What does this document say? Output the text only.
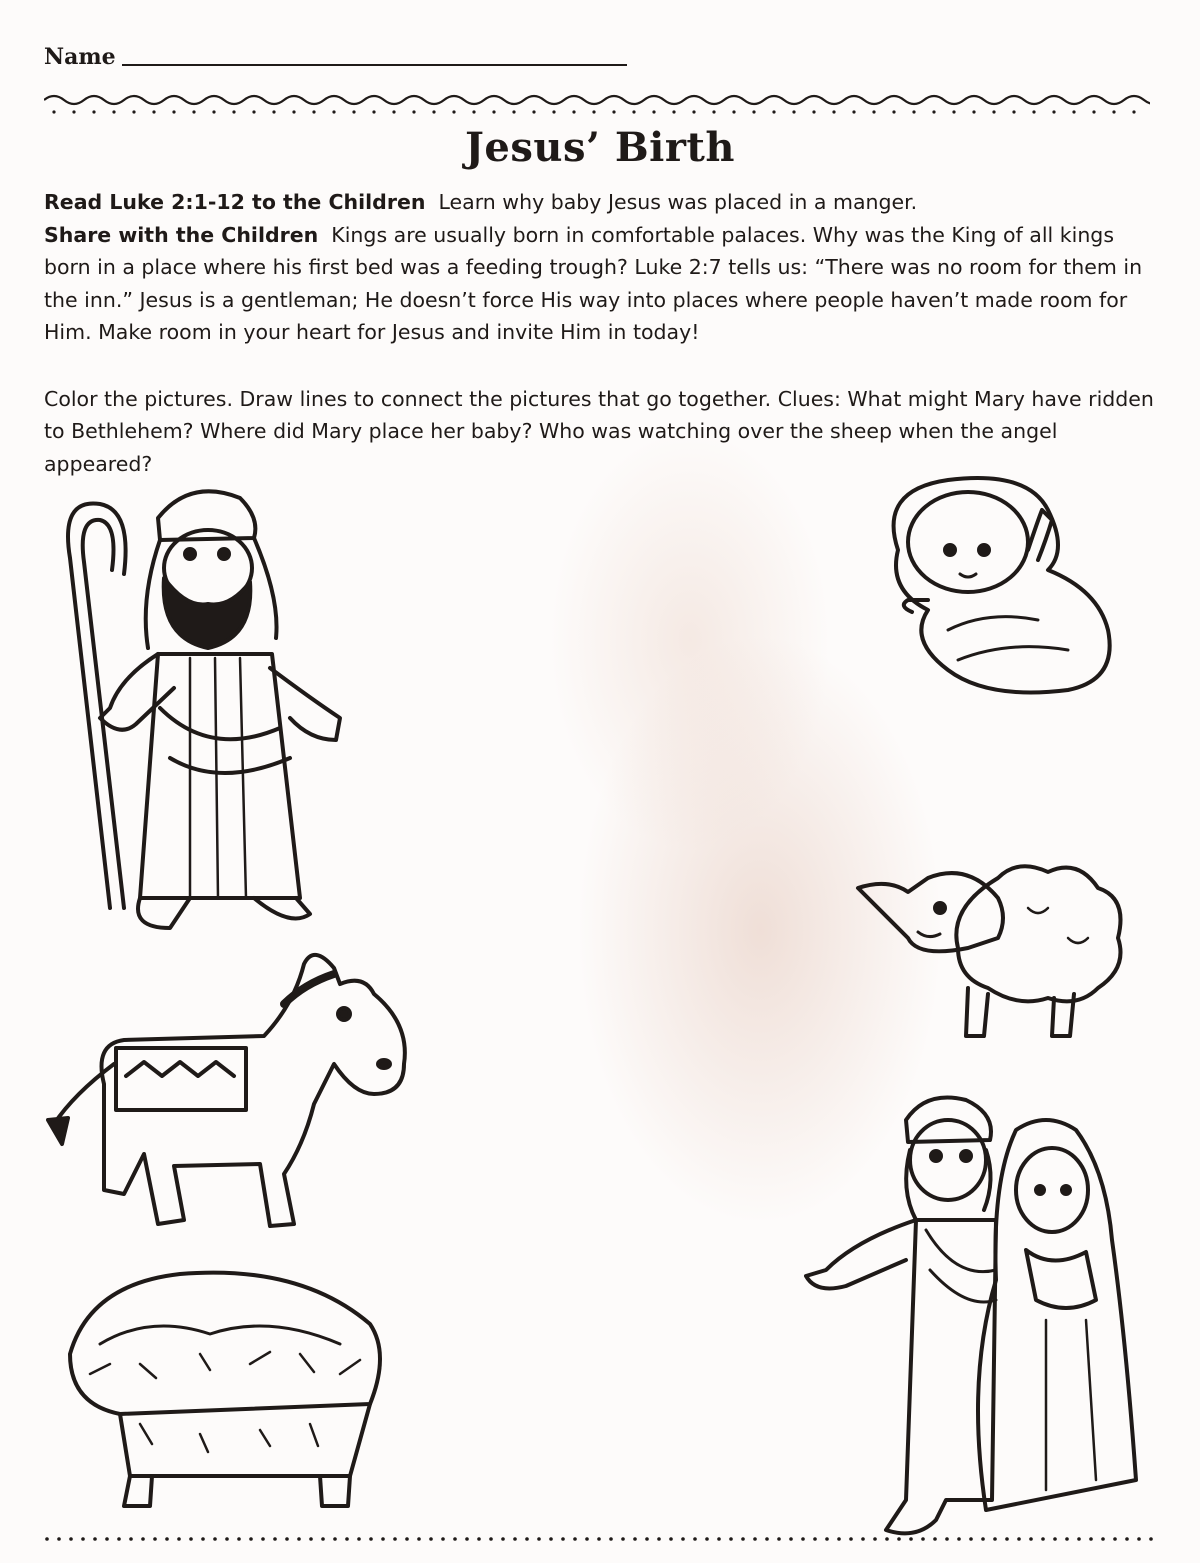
Name
Jesus’ Birth

Read Luke 2:1-12 to the Children Learn why baby Jesus was placed in a manger.

Share with the Children Kings are usually born in comfortable palaces. Why was the King of all kings born in a place where his first bed was a feeding trough? Luke 2:7 tells us: “There was no room for them in the inn.” Jesus is a gentleman; He doesn’t force His way into places where people haven’t made room for Him. Make room in your heart for Jesus and invite Him in today!

Color the pictures. Draw lines to connect the pictures that go together. Clues: What might Mary have ridden to Bethlehem? Where did Mary place her baby? Who was watching over the sheep when the angel appeared?
